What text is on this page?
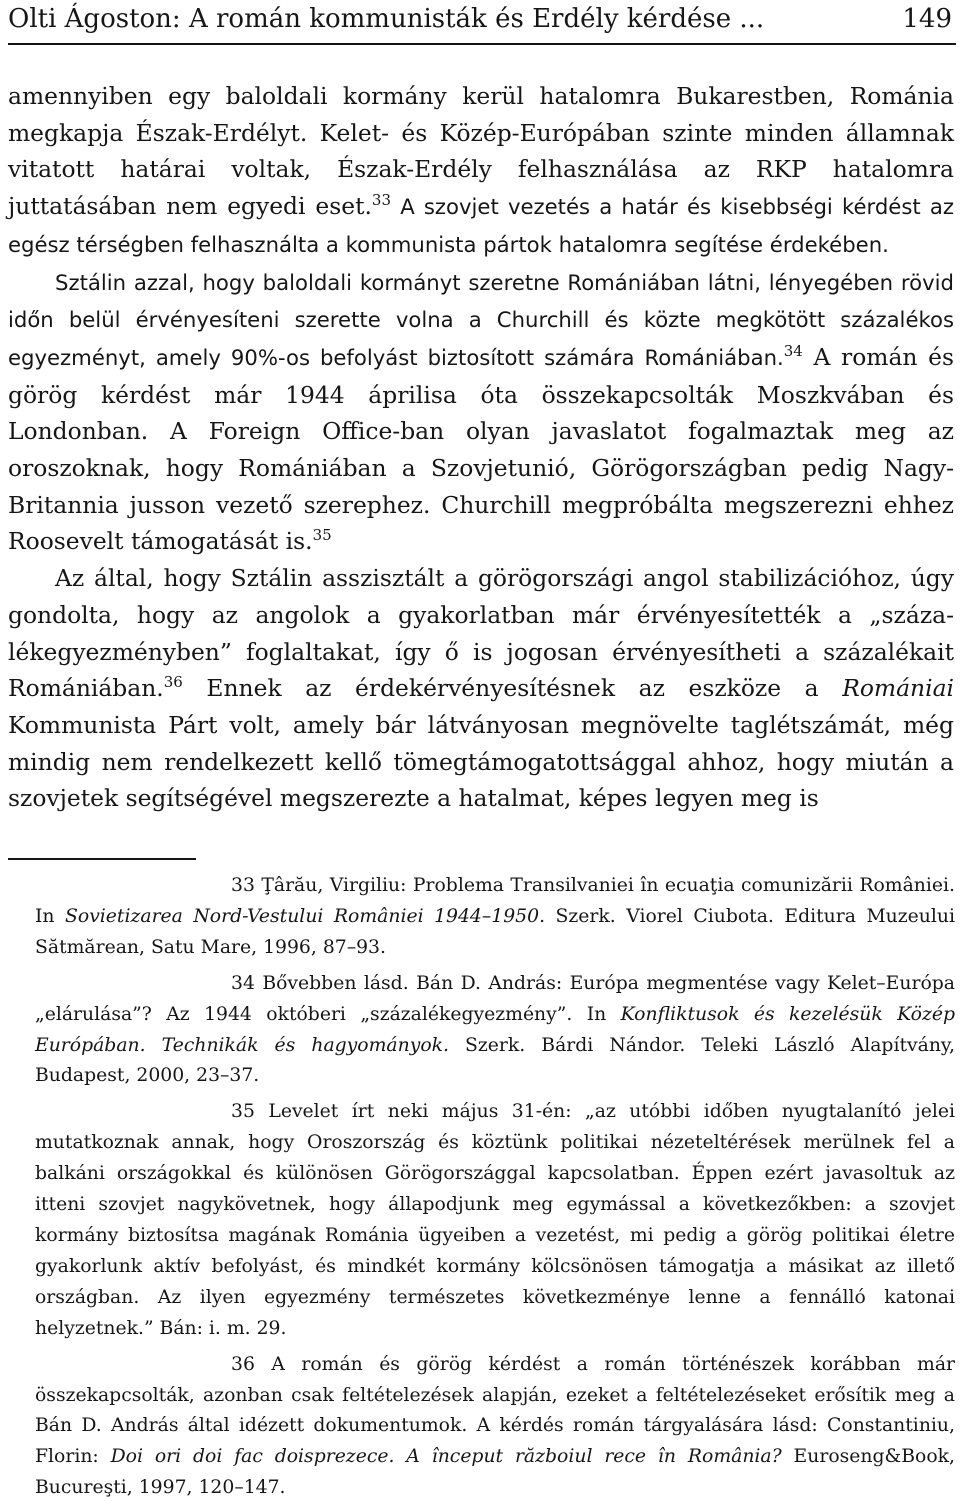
Olti Ágoston: A román kommunisták és Erdély kérdése ...	149

amennyiben egy baloldali kormány kerül hatalomra Bukarestben, Románia megkapja Észak-Erdélyt. Kelet- és Közép-Európában szinte minden államnak vitatott határai voltak, Észak-Erdély felhasználása az RKP hatalomra juttatásában nem egyedi eset.$^{33}$ A szovjet vezetés a határ és kisebbségi kérdést az egész térségben felhasználta a kommunista pártok hatalomra segítése érdekében.

Sztálin azzal, hogy baloldali kormányt szeretne Romániában látni, lényegében rövid időn belül érvényesíteni szerette volna a Churchill és közte megkötött százalékos egyezményt, amely 90%-os befolyást biztosított számára Romániában.$^{34}$ A román és görög kérdést már 1944 áprilisa óta összekapcsolták Moszkvában és Londonban. A Foreign Office-ban olyan javaslatot fogalmaztak meg az oroszoknak, hogy Romániában a Szovjetunió, Görögországban pedig Nagy-Britannia jusson vezető szerephez. Churchill megpróbálta megszerezni ehhez Roosevelt támogatását is.$^{35}$

Az által, hogy Sztálin asszisztált a görögországi angol stabilizációhoz, úgy gondolta, hogy az angolok a gyakorlatban már érvényesítették a „százalékegyezményben” foglaltakat, így ő is jogosan érvényesítheti a százalékait Romániában.$^{36}$ Ennek az érdekérvényesítésnek az eszköze a Romániai Kommunista Párt volt, amely bár látványosan megnövelte taglétszámát, még mindig nem rendelkezett kellő tömegtámogatottsággal ahhoz, hogy miután a szovjetek segítségével megszerezte a hatalmat, képes legyen meg is

33 Ţârău, Virgiliu: Problema Transilvaniei în ecuaţia comunizării României. In Sovietizarea Nord-Vestului României 1944–1950. Szerk. Viorel Ciubota. Editura Muzeului Sătmărean, Satu Mare, 1996, 87–93.

34 Bővebben lásd. Bán D. András: Európa megmentése vagy Kelet–Európa „elárulása”? Az 1944 októberi „százalékegyezmény”. In Konfliktusok és kezelésük Közép Európában. Technikák és hagyományok. Szerk. Bárdi Nándor. Teleki László Alapítvány, Budapest, 2000, 23–37.

35 Levelet írt neki május 31-én: „az utóbbi időben nyugtalanító jelei mutatkoznak annak, hogy Oroszország és köztünk politikai nézeteltérések merülnek fel a balkáni országokkal és különösen Görögországgal kapcsolatban. Éppen ezért javasoltuk az itteni szovjet nagykövetnek, hogy állapodjunk meg egymással a következőkben: a szovjet kormány biztosítsa magának Románia ügyeiben a vezetést, mi pedig a görög politikai életre gyakorlunk aktív befolyást, és mindkét kormány kölcsönösen támogatja a másikat az illető országban. Az ilyen egyezmény természetes következménye lenne a fennálló katonai helyzetnek.” Bán: i. m. 29.

36 A román és görög kérdést a román történészek korábban már összekapcsolták, azonban csak feltételezések alapján, ezeket a feltételezéseket erősítik meg a Bán D. András által idézett dokumentumok. A kérdés román tárgyalására lásd: Constantiniu, Florin: Doi ori doi fac doisprezece. A început războiul rece în România? Euroseng&Book, Bucureşti, 1997, 120–147.
